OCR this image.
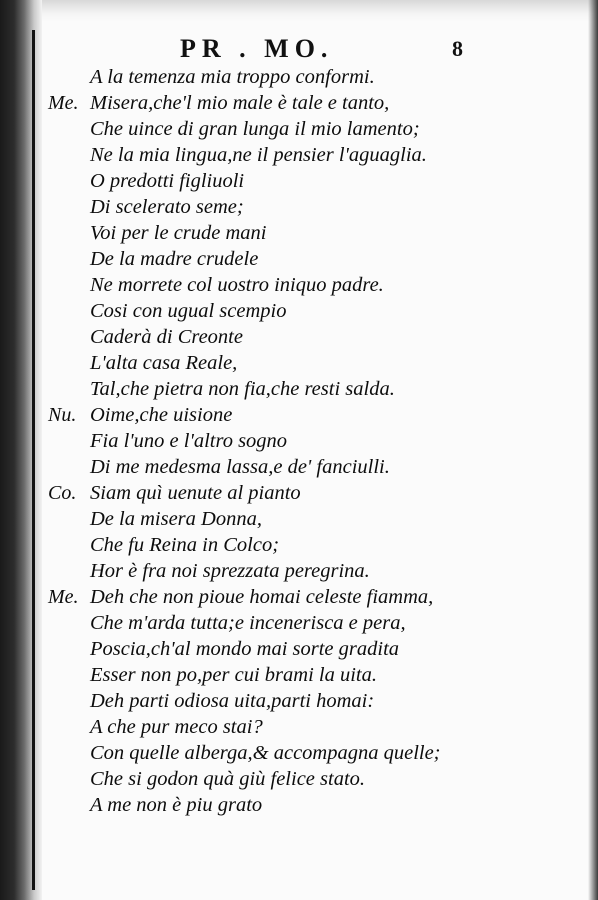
PR . MO.	8
A la temenza mia troppo conformi.
Me. Misera,che'l mio male è tale e tanto,
Che uince di gran lunga il mio lamento;
Ne la mia lingua,ne il pensier l'aguaglia.
O predotti figliuoli
Di scelerato seme;
Voi per le crude mani
De la madre crudele
Ne morrete col uostro iniquo padre.
Cosi con ugual scempio
Caderà di Creonte
L'alta casa Reale,
Tal,che pietra non fia,che resti salda.
Nu. Oime,che uisione
Fia l'uno e l'altro sogno
Di me medesma lassa,e de' fanciulli.
Co. Siam quì uenute al pianto
De la misera Donna,
Che fu Reina in Colco;
Hor è fra noi sprezzata peregrina.
Me. Deh che non pioue homai celeste fiamma,
Che m'arda tutta;e incenerisca e pera,
Poscia,ch'al mondo mai sorte gradita
Esser non po,per cui brami la uita.
Deh parti odiosa uita,parti homai:
A che pur meco stai?
Con quelle alberga,& accompagna quelle;
Che si godon quà giù felice stato.
A me non è piu grato
